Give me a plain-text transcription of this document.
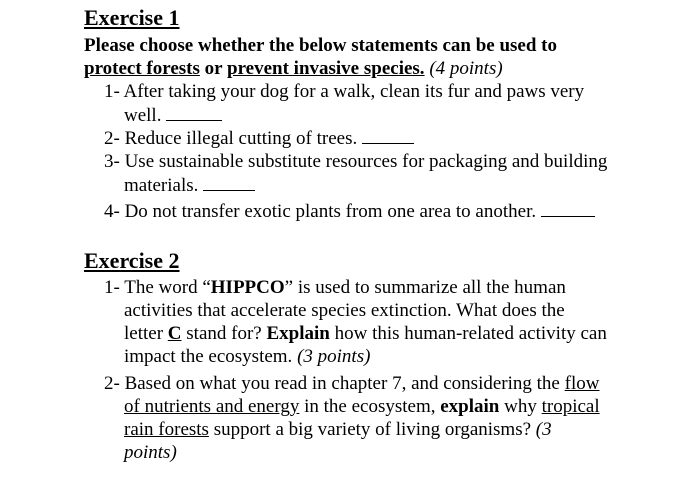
Exercise 1
Please choose whether the below statements can be used to
protect forests or prevent invasive species. (4 points)
1- After taking your dog for a walk, clean its fur and paws very
well.
2- Reduce illegal cutting of trees.
3- Use sustainable substitute resources for packaging and building
materials.
4- Do not transfer exotic plants from one area to another.
Exercise 2
1- The word “HIPPCO” is used to summarize all the human
activities that accelerate species extinction. What does the
letter C stand for? Explain how this human-related activity can
impact the ecosystem. (3 points)
2- Based on what you read in chapter 7, and considering the flow
of nutrients and energy in the ecosystem, explain why tropical
rain forests support a big variety of living organisms? (3
points)
